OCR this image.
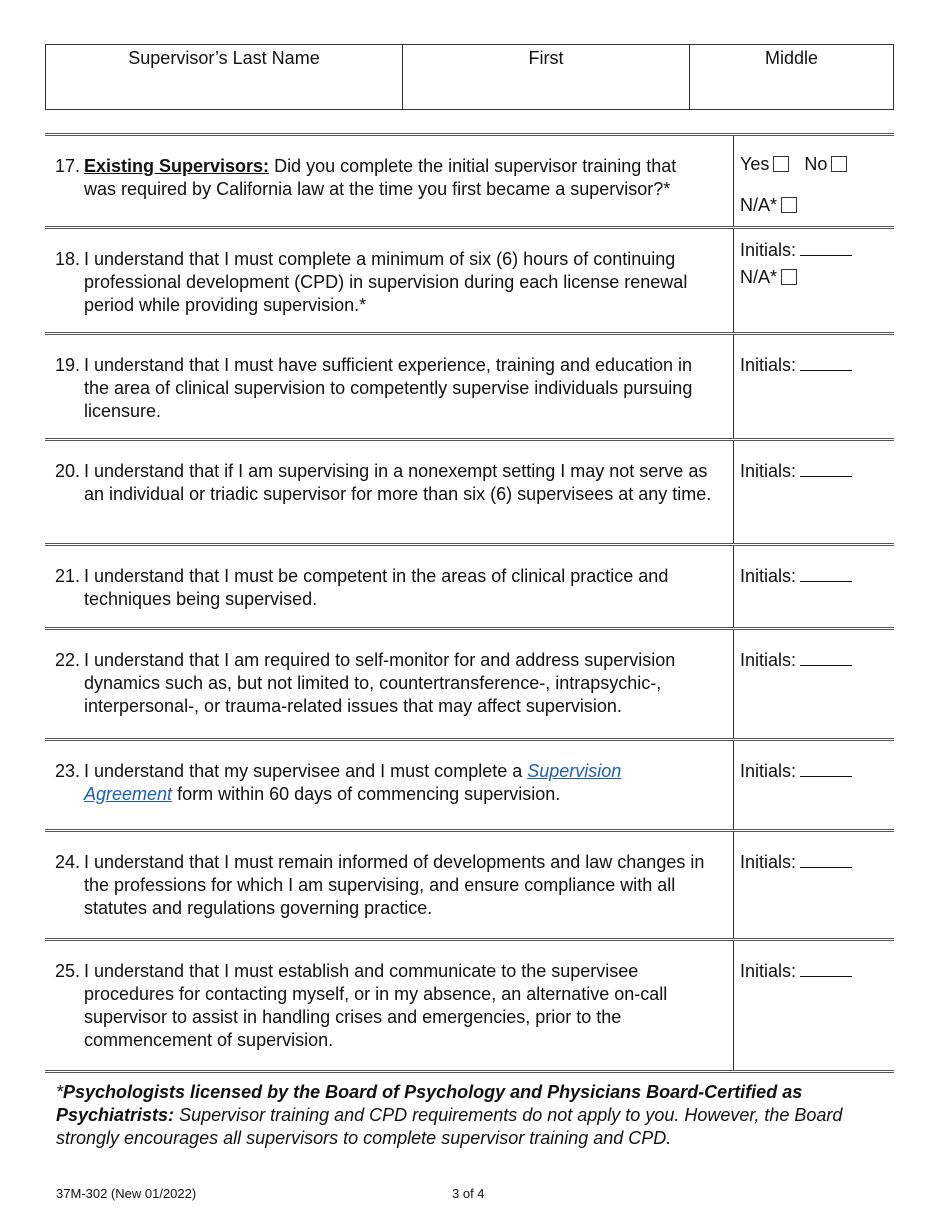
Supervisor’s Last Name	First	Middle
17. Existing Supervisors: Did you complete the initial supervisor training that was required by California law at the time you first became a supervisor?*
Yes No
N/A*
18. I understand that I must complete a minimum of six (6) hours of continuing professional development (CPD) in supervision during each license renewal period while providing supervision.*
Initials:
N/A*
19. I understand that I must have sufficient experience, training and education in the area of clinical supervision to competently supervise individuals pursuing licensure.
Initials:
20. I understand that if I am supervising in a nonexempt setting I may not serve as an individual or triadic supervisor for more than six (6) supervisees at any time.
Initials:
21. I understand that I must be competent in the areas of clinical practice and techniques being supervised.
Initials:
22. I understand that I am required to self-monitor for and address supervision dynamics such as, but not limited to, countertransference-, intrapsychic-, interpersonal-, or trauma-related issues that may affect supervision.
Initials:
23. I understand that my supervisee and I must complete a Supervision Agreement form within 60 days of commencing supervision.
Initials:
24. I understand that I must remain informed of developments and law changes in the professions for which I am supervising, and ensure compliance with all statutes and regulations governing practice.
Initials:
25. I understand that I must establish and communicate to the supervisee procedures for contacting myself, or in my absence, an alternative on-call supervisor to assist in handling crises and emergencies, prior to the commencement of supervision.
Initials:
*Psychologists licensed by the Board of Psychology and Physicians Board-Certified as Psychiatrists: Supervisor training and CPD requirements do not apply to you. However, the Board strongly encourages all supervisors to complete supervisor training and CPD.
37M-302 (New 01/2022)	3 of 4
